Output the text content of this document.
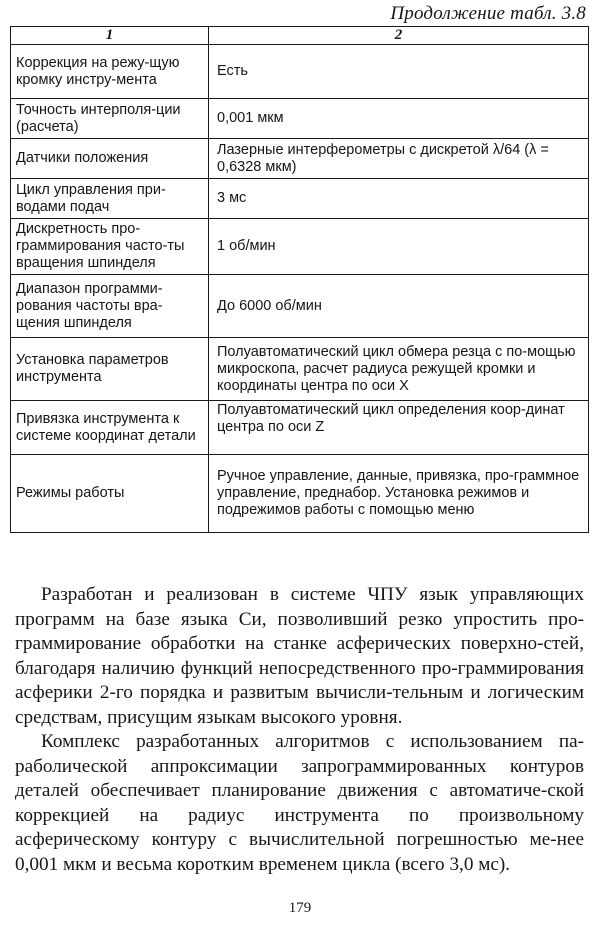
Продолжение табл. 3.8
1	2
Коррекция на режу-щую кромку инстру-мента	Есть
Точность интерполя-ции (расчета)	0,001 мкм
Датчики положения	Лазерные интерферометры с дискретой λ/64 (λ = 0,6328 мкм)
Цикл управления при-водами подач	3 мс
Дискретность про-граммирования часто-ты вращения шпинделя	1 об/мин
Диапазон программи-рования частоты вра-щения шпинделя	До 6000 об/мин
Установка параметров инструмента	Полуавтоматический цикл обмера резца с по-мощью микроскопа, расчет радиуса режущей кромки и координаты центра по оси X
Привязка инструмента к системе координат детали	Полуавтоматический цикл определения коор-динат центра по оси Z
Режимы работы	Ручное управление, данные, привязка, про-граммное управление, преднабор. Установка режимов и подрежимов работы с помощью меню

Разработан и реализован в системе ЧПУ язык управляющих программ на базе языка Си, позволивший резко упростить про-граммирование обработки на станке асферических поверхно-стей, благодаря наличию функций непосредственного про-граммирования асферики 2-го порядка и развитым вычисли-тельным и логическим средствам, присущим языкам высокого уровня.

Комплекс разработанных алгоритмов с использованием па-раболической аппроксимации запрограммированных контуров деталей обеспечивает планирование движения с автоматиче-ской коррекцией на радиус инструмента по произвольному асферическому контуру с вычислительной погрешностью ме-нее 0,001 мкм и весьма коротким временем цикла (всего 3,0 мс).

179
